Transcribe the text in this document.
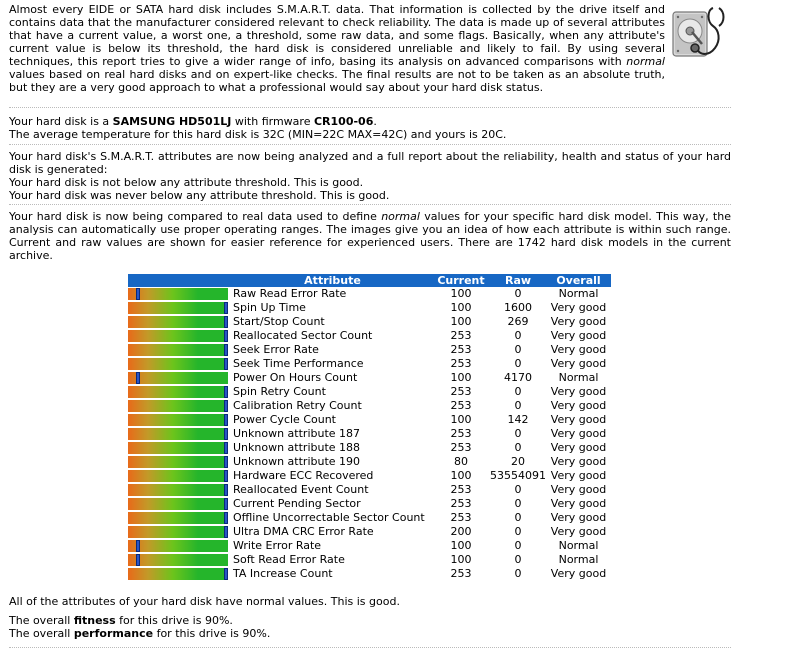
Almost every EIDE or SATA hard disk includes S.M.A.R.T. data. That information is collected by the drive itself and contains data that the manufacturer considered relevant to check reliability. The data is made up of several attributes that have a current value, a worst one, a threshold, some raw data, and some flags. Basically, when any attribute's current value is below its threshold, the hard disk is considered unreliable and likely to fail. By using several techniques, this report tries to give a wider range of info, basing its analysis on advanced comparisons with normal values based on real hard disks and on expert-like checks. The final results are not to be taken as an absolute truth, but they are a very good approach to what a professional would say about your hard disk status.

Your hard disk is a SAMSUNG HD501LJ with firmware CR100-06.

The average temperature for this hard disk is 32C (MIN=22C MAX=42C) and yours is 20C.

Your hard disk's S.M.A.R.T. attributes are now being analyzed and a full report about the reliability, health and status of your hard disk is generated:

Your hard disk is not below any attribute threshold. This is good.

Your hard disk was never below any attribute threshold. This is good.

Your hard disk is now being compared to real data used to define normal values for your specific hard disk model. This way, the analysis can automatically use proper operating ranges. The images give you an idea of how each attribute is within such range. Current and raw values are shown for easier reference for experienced users. There are 1742 hard disk models in the current archive.

All of the attributes of your hard disk have normal values. This is good.

The overall fitness for this drive is 90%.

The overall performance for this drive is 90%.

	Attribute	Current	Raw	Overall

	Raw Read Error Rate	100	0	Normal

	Spin Up Time	100	1600	Very good

	Start/Stop Count	100	269	Very good

	Reallocated Sector Count	253	0	Very good

	Seek Error Rate	253	0	Very good

	Seek Time Performance	253	0	Very good

	Power On Hours Count	100	4170	Normal

	Spin Retry Count	253	0	Very good

	Calibration Retry Count	253	0	Very good

	Power Cycle Count	100	142	Very good

	Unknown attribute 187	253	0	Very good

	Unknown attribute 188	253	0	Very good

	Unknown attribute 190	80	20	Very good

	Hardware ECC Recovered	100	53554091	Very good

	Reallocated Event Count	253	0	Very good

	Current Pending Sector	253	0	Very good

	Offline Uncorrectable Sector Count	253	0	Very good

	Ultra DMA CRC Error Rate	200	0	Very good

	Write Error Rate	100	0	Normal

	Soft Read Error Rate	100	0	Normal

	TA Increase Count	253	0	Very good
